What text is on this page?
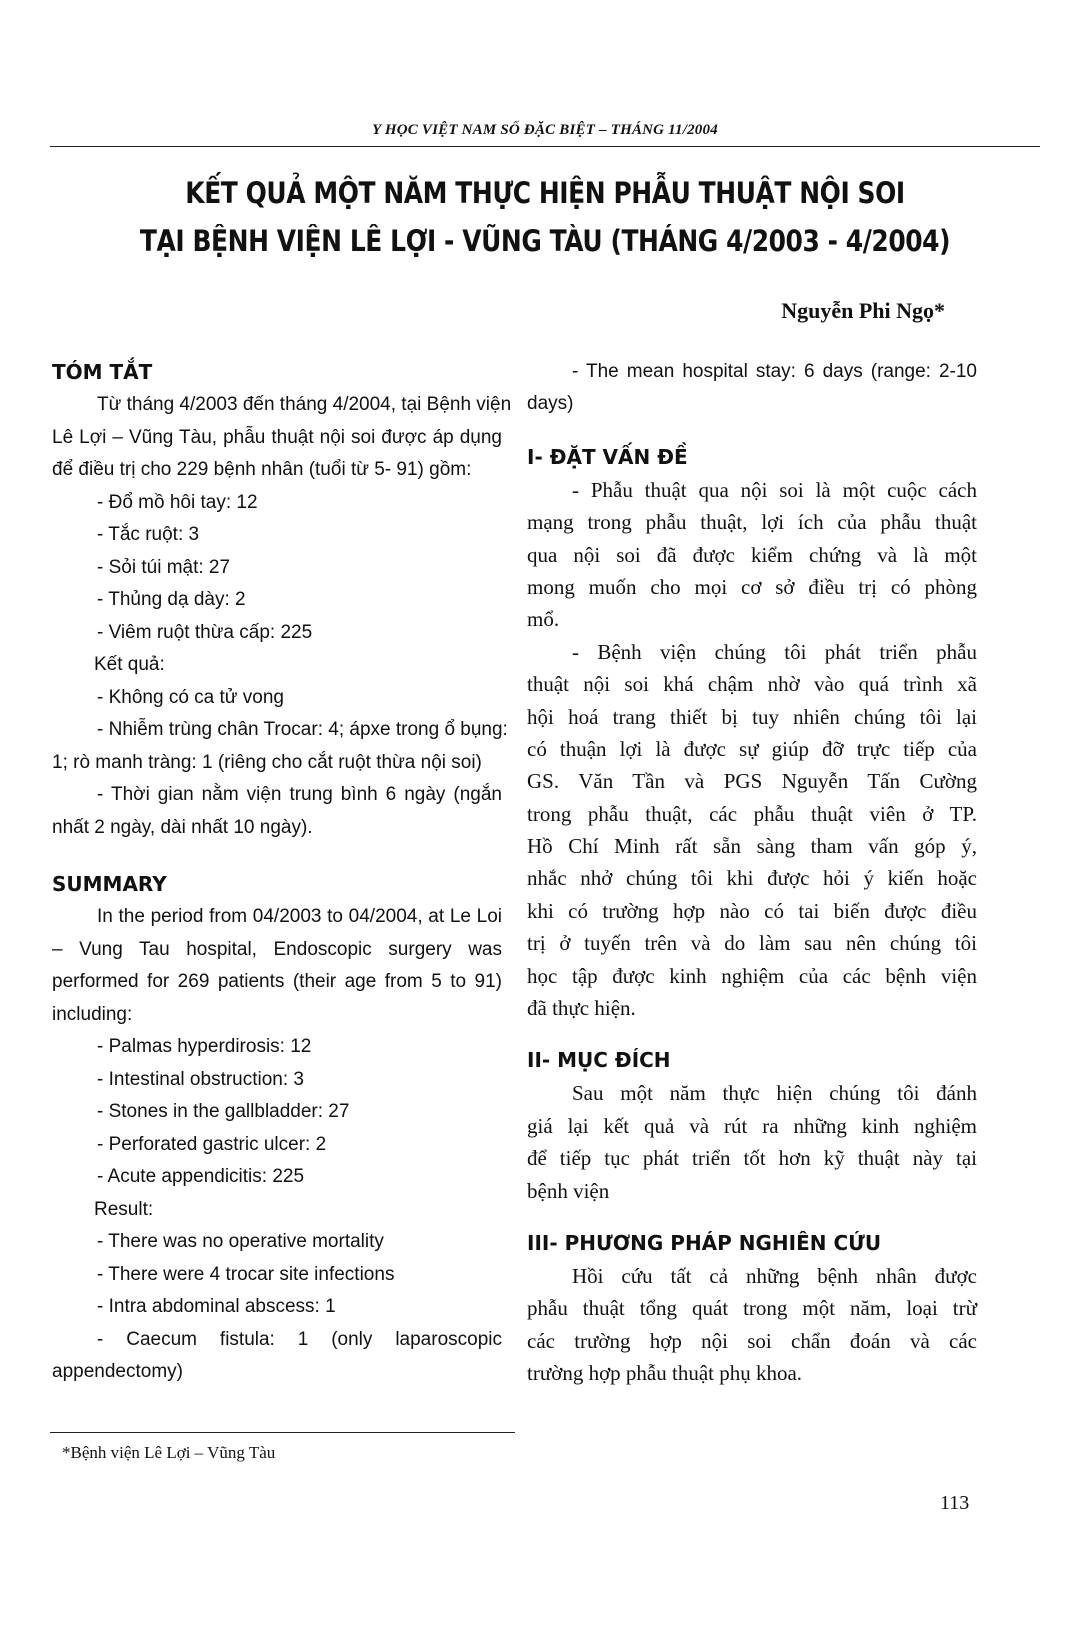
Y HỌC VIỆT NAM SỐ ĐẶC BIỆT – THÁNG 11/2004
KẾT QUẢ MỘT NĂM THỰC HIỆN PHẪU THUẬT NỘI SOI
TẠI BỆNH VIỆN LÊ LỢI - VŨNG TÀU (THÁNG 4/2003 - 4/2004)
Nguyễn Phi Ngọ*
TÓM TẮT
Từ tháng 4/2003 đến tháng 4/2004, tại Bệnh viện
Lê Lợi – Vũng Tàu, phẫu thuật nội soi được áp dụng
để điều trị cho 229 bệnh nhân (tuổi từ 5- 91) gồm:
- Đổ mồ hôi tay: 12
- Tắc ruột: 3
- Sỏi túi mật: 27
- Thủng dạ dày: 2
- Viêm ruột thừa cấp: 225
Kết quả:
- Không có ca tử vong
- Nhiễm trùng chân Trocar: 4; ápxe trong ổ bụng:
1; rò manh tràng: 1 (riêng cho cắt ruột thừa nội soi)
- Thời gian nằm viện trung bình 6 ngày (ngắn
nhất 2 ngày, dài nhất 10 ngày).
SUMMARY
In the period from 04/2003 to 04/2004, at Le Loi
– Vung Tau hospital, Endoscopic surgery was
performed for 269 patients (their age from 5 to 91)
including:
- Palmas hyperdirosis: 12
- Intestinal obstruction: 3
- Stones in the gallbladder: 27
- Perforated gastric ulcer: 2
- Acute appendicitis: 225
Result:
- There was no operative mortality
- There were 4 trocar site infections
- Intra abdominal abscess: 1
- Caecum fistula: 1 (only laparoscopic
appendectomy)
- The mean hospital stay: 6 days (range: 2-10
days)
I- ĐẶT VẤN ĐỀ
- Phẫu thuật qua nội soi là một cuộc cách
mạng trong phẫu thuật, lợi ích của phẫu thuật
qua nội soi đã được kiểm chứng và là một
mong muốn cho mọi cơ sở điều trị có phòng
mổ.
- Bệnh viện chúng tôi phát triển phẫu
thuật nội soi khá chậm nhờ vào quá trình xã
hội hoá trang thiết bị tuy nhiên chúng tôi lại
có thuận lợi là được sự giúp đỡ trực tiếp của
GS. Văn Tần và PGS Nguyễn Tấn Cường
trong phẫu thuật, các phẫu thuật viên ở TP.
Hồ Chí Minh rất sẵn sàng tham vấn góp ý,
nhắc nhở chúng tôi khi được hỏi ý kiến hoặc
khi có trường hợp nào có tai biến được điều
trị ở tuyến trên và do làm sau nên chúng tôi
học tập được kinh nghiệm của các bệnh viện
đã thực hiện.
II- MỤC ĐÍCH
Sau một năm thực hiện chúng tôi đánh
giá lại kết quả và rút ra những kinh nghiệm
để tiếp tục phát triển tốt hơn kỹ thuật này tại
bệnh viện
III- PHƯƠNG PHÁP NGHIÊN CỨU
Hồi cứu tất cả những bệnh nhân được
phẫu thuật tổng quát trong một năm, loại trừ
các trường hợp nội soi chẩn đoán và các
trường hợp phẫu thuật phụ khoa.
*Bệnh viện Lê Lợi – Vũng Tàu
113
